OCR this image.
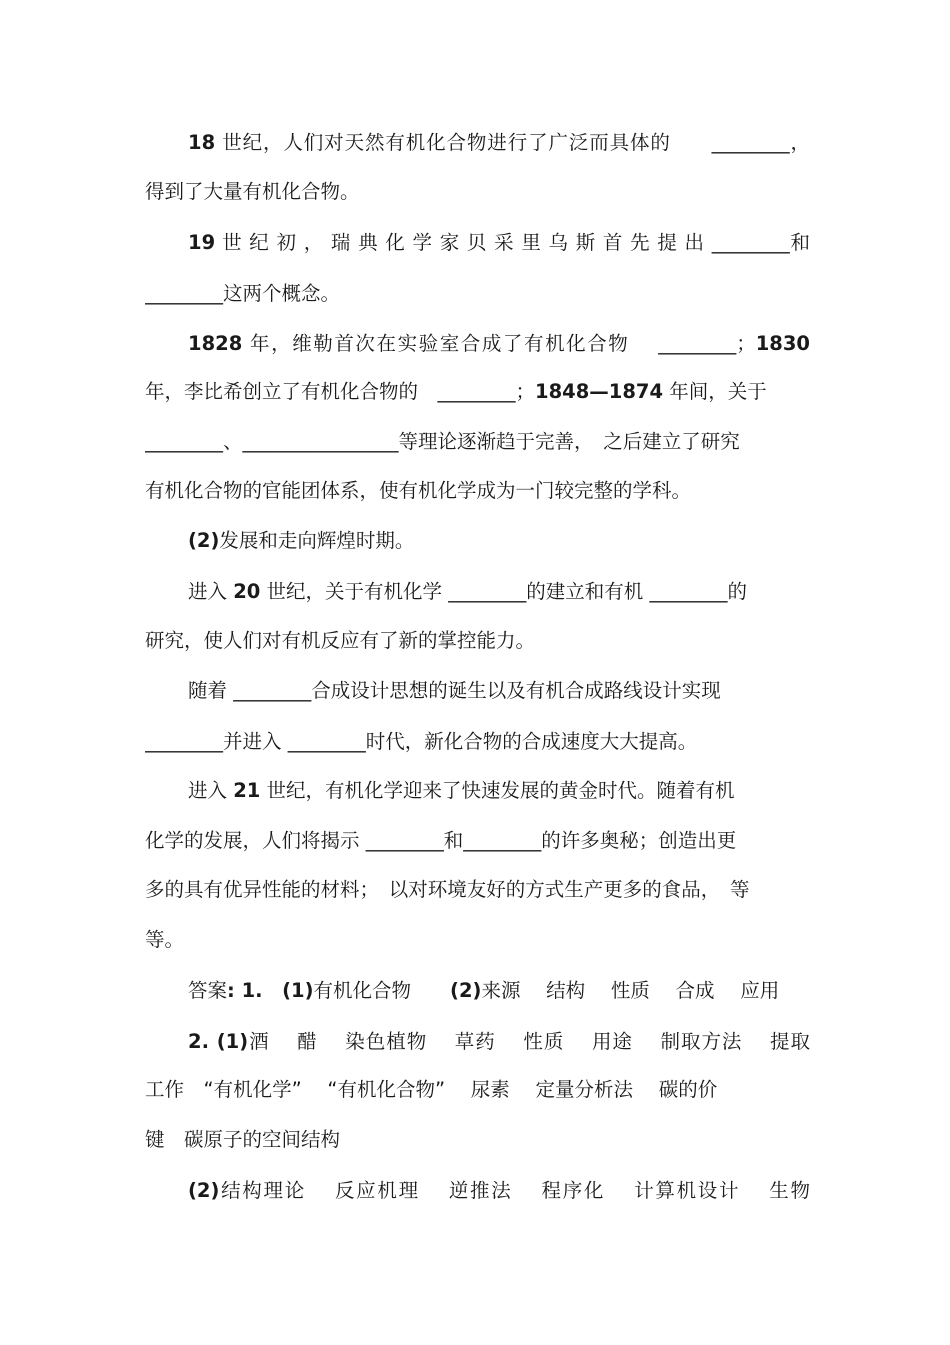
18 世纪，人们对天然有机化合物进行了广泛而具体的　　________，
得到了大量有机化合物。
19 世 纪 初 ， 瑞 典 化 学 家 贝 采 里 乌 斯 首 先 提 出 ________和
________这两个概念。
1828 年，维勒首次在实验室合成了有机化合物　 ________；1830
年，李比希创立了有机化合物的　________；1848—1874 年间，关于
________、________________等理论逐渐趋于完善，　之后建立了研究
有机化合物的官能团体系，使有机化学成为一门较完整的学科。
(2)发展和走向辉煌时期。
进入 20 世纪，关于有机化学 ________的建立和有机 ________的
研究，使人们对有机反应有了新的掌控能力。
随着 ________合成设计思想的诞生以及有机合成路线设计实现
________并进入 ________时代，新化合物的合成速度大大提高。
进入 21 世纪，有机化学迎来了快速发展的黄金时代。随着有机
化学的发展，人们将揭示 ________和________的许多奥秘；创造出更
多的具有优异性能的材料；　以对环境友好的方式生产更多的食品，　等
等。
答案: 1.　 (1)有机化合物　　(2)来源　 结构　 性质　 合成　 应用
2. (1)酒　 醋　 染色植物　 草药　 性质　 用途　 制取方法　 提取
工作　“有机化学”　 “有机化合物”　 尿素　 定量分析法　 碳的价
键　碳原子的空间结构
(2)结构理论　 反应机理　 逆推法　 程序化　 计算机设计　 生物
